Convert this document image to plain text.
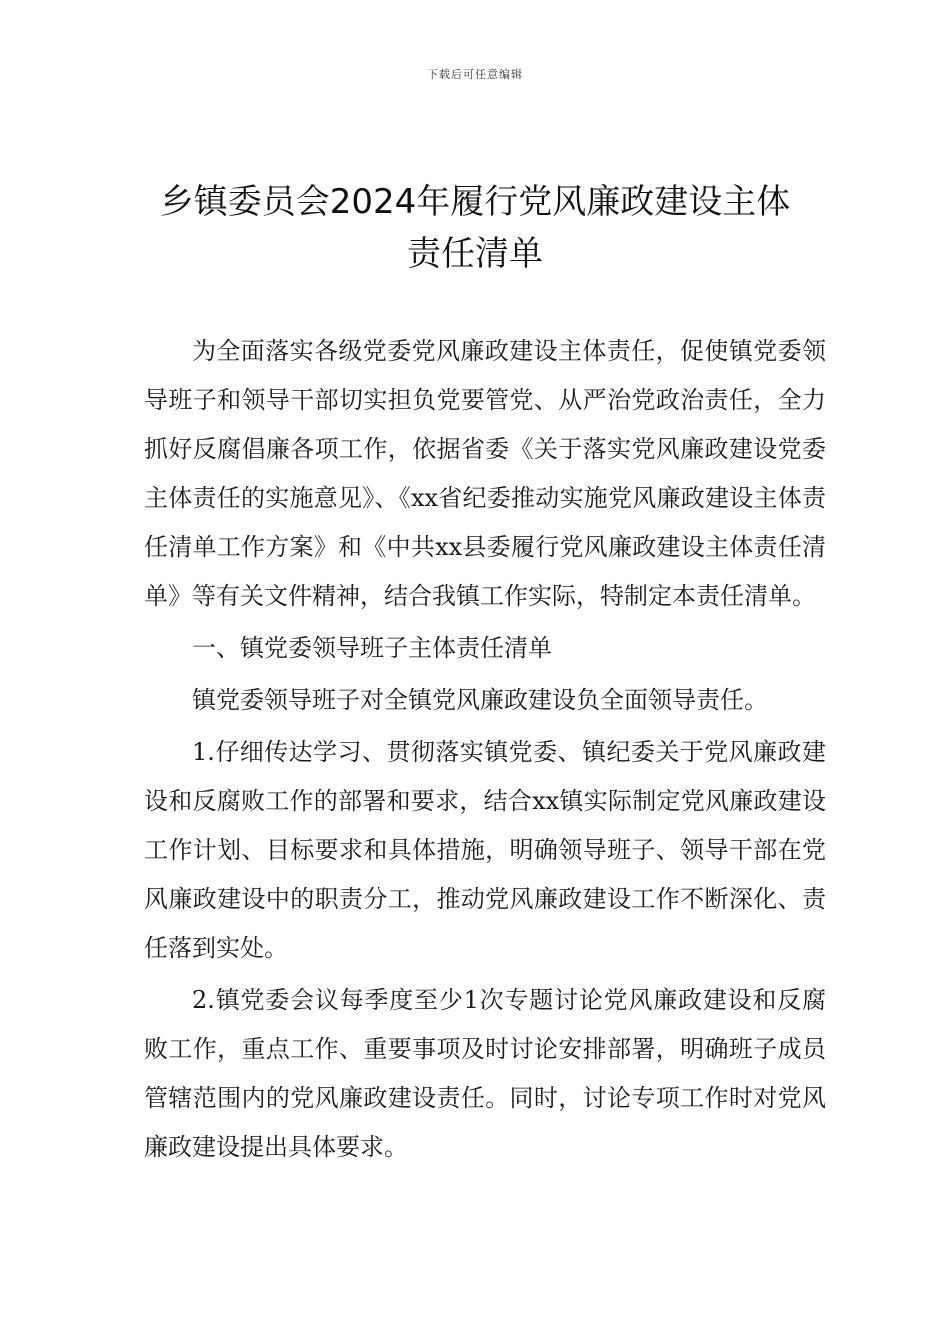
下载后可任意编辑
乡镇委员会2024年履行党风廉政建设主体
责任清单

为全面落实各级党委党风廉政建设主体责任，促使镇党委领导班子和领导干部切实担负党要管党、从严治党政治责任，全力抓好反腐倡廉各项工作，依据省委《关于落实党风廉政建设党委主体责任的实施意见》、《xx省纪委推动实施党风廉政建设主体责任清单工作方案》和《中共xx县委履行党风廉政建设主体责任清单》等有关文件精神，结合我镇工作实际，特制定本责任清单。

一、镇党委领导班子主体责任清单

镇党委领导班子对全镇党风廉政建设负全面领导责任。

1.仔细传达学习、贯彻落实镇党委、镇纪委关于党风廉政建设和反腐败工作的部署和要求，结合xx镇实际制定党风廉政建设工作计划、目标要求和具体措施，明确领导班子、领导干部在党风廉政建设中的职责分工，推动党风廉政建设工作不断深化、责任落到实处。

2.镇党委会议每季度至少1次专题讨论党风廉政建设和反腐败工作，重点工作、重要事项及时讨论安排部署，明确班子成员管辖范围内的党风廉政建设责任。同时，讨论专项工作时对党风廉政建设提出具体要求。
